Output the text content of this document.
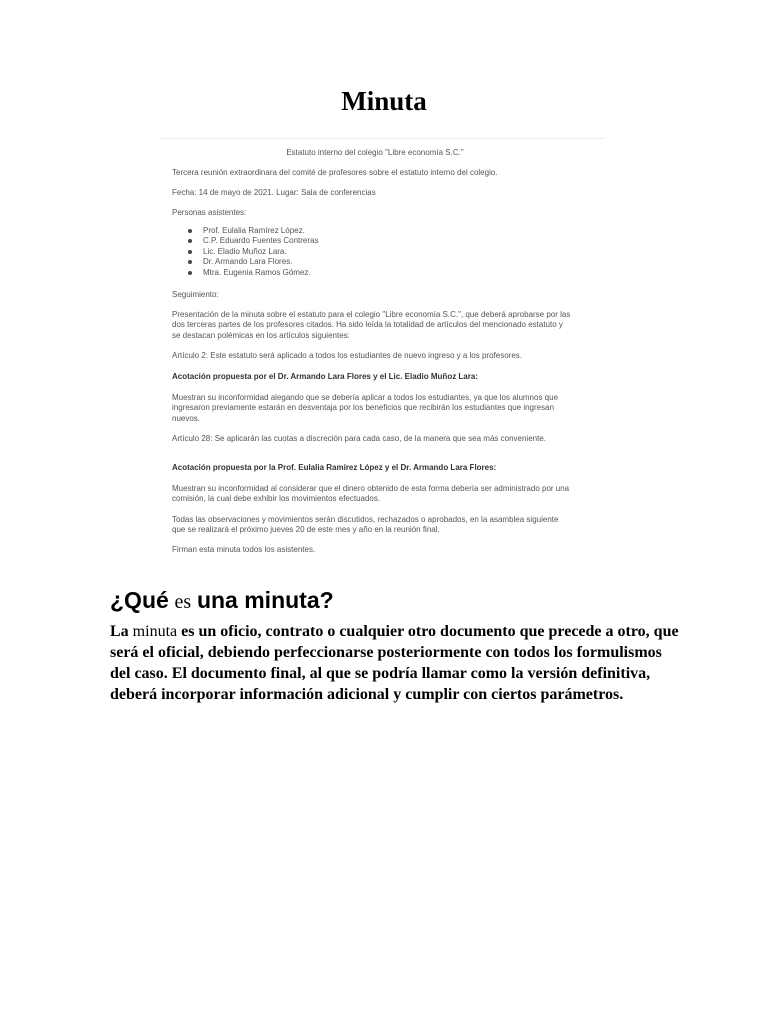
Minuta
Estatuto interno del colegio "Libre economía S.C."

Tercera reunión extraordinara del comité de profesores sobre el estatuto interno del colegio.

Fecha: 14 de mayo de 2021. Lugar: Sala de conferencias

Personas asistentes:

Prof. Eulalia Ramírez López.
C.P. Eduardo Fuentes Contreras
Lic. Eladio Muñoz Lara.
Dr. Armando Lara Flores.
Mtra. Eugenia Ramos Gómez.

Seguimiento:

Presentación de la minuta sobre el estatuto para el colegio "Libre economía S.C.", que deberá aprobarse por las dos terceras partes de los profesores citados. Ha sido leída la totalidad de artículos del mencionado estatuto y se destacan polémicas en los artículos siguientes:

Artículo 2: Este estatuto será aplicado a todos los estudiantes de nuevo ingreso y a los profesores.

Acotación propuesta por el Dr. Armando Lara Flores y el Lic. Eladio Muñoz Lara:

Muestran su inconformidad alegando que se debería aplicar a todos los estudiantes, ya que los alumnos que ingresaron previamente estarán en desventaja por los beneficios que recibirán los estudiantes que ingresan nuevos.

Artículo 28: Se aplicarán las cuotas a discreción para cada caso, de la manera que sea más conveniente.

Acotación propuesta por la Prof. Eulalia Ramírez López y el Dr. Armando Lara Flores:

Muestran su inconformidad al considerar que el dinero obtenido de esta forma debería ser administrado por una comisión, la cual debe exhibir los movimientos efectuados.

Todas las observaciones y movimientos serán discutidos, rechazados o aprobados, en la asamblea siguiente que se realizará el próximo jueves 20 de este mes y año en la reunión final.

Firman esta minuta todos los asistentes.

¿Qué es una minuta?

La minuta es un oficio, contrato o cualquier otro documento que precede a otro, que será el oficial, debiendo perfeccionarse posteriormente con todos los formulismos del caso. El documento final, al que se podría llamar como la versión definitiva, deberá incorporar información adicional y cumplir con ciertos parámetros.
